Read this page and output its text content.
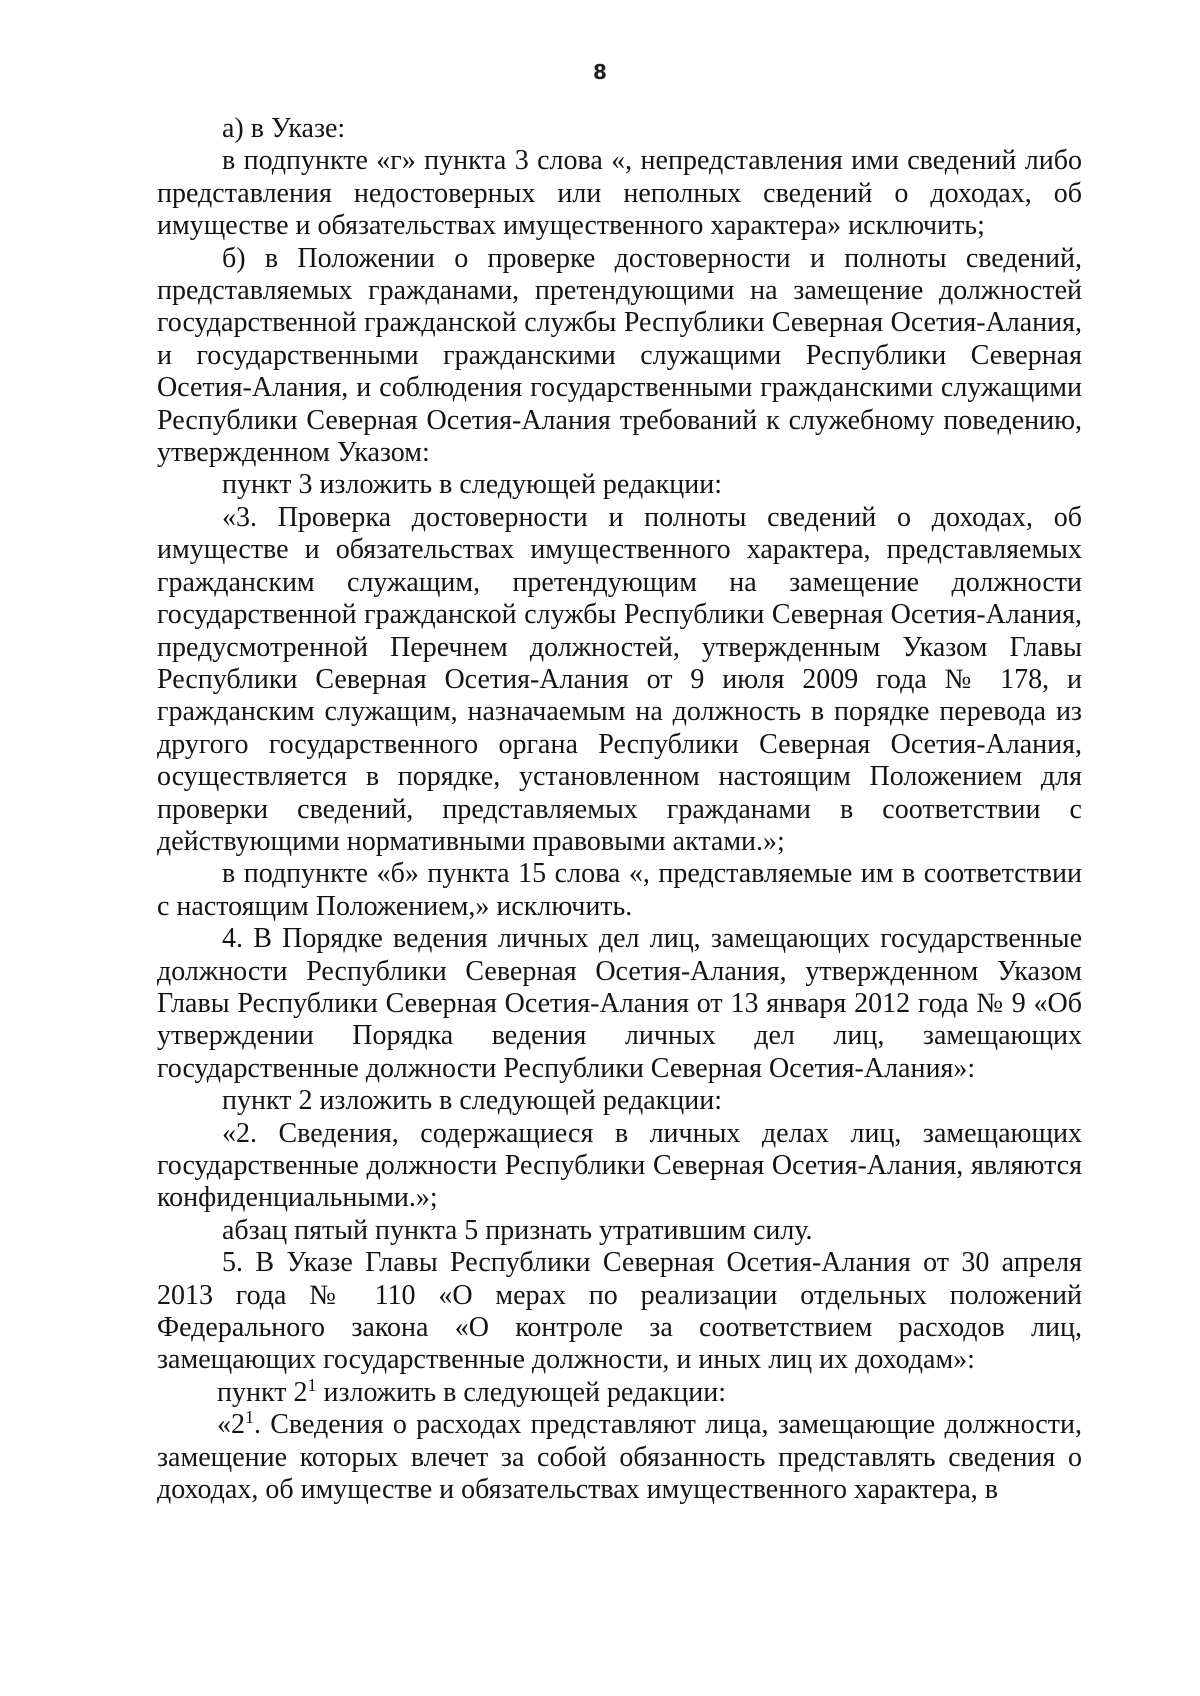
8

а) в Указе:

в подпункте «г» пункта 3 слова «, непредставления ими сведений либо представления недостоверных или неполных сведений о доходах, об имуществе и обязательствах имущественного характера» исключить;

б) в Положении о проверке достоверности и полноты сведений, представляемых гражданами, претендующими на замещение должностей государственной гражданской службы Республики Северная Осетия-Алания, и государственными гражданскими служащими Республики Северная Осетия-Алания, и соблюдения государственными гражданскими служащими Республики Северная Осетия-Алания требований к служебному поведению, утвержденном Указом:

пункт 3 изложить в следующей редакции:

«3. Проверка достоверности и полноты сведений о доходах, об имуществе и обязательствах имущественного характера, представляемых гражданским служащим, претендующим на замещение должности государственной гражданской службы Республики Северная Осетия-Алания, предусмотренной Перечнем должностей, утвержденным Указом Главы Республики Северная Осетия-Алания от 9 июля 2009 года № 178, и гражданским служащим, назначаемым на должность в порядке перевода из другого государственного органа Республики Северная Осетия-Алания, осуществляется в порядке, установленном настоящим Положением для проверки сведений, представляемых гражданами в соответствии с действующими нормативными правовыми актами.»;

в подпункте «б» пункта 15 слова «, представляемые им в соответствии с настоящим Положением,» исключить.

4. В Порядке ведения личных дел лиц, замещающих государственные должности Республики Северная Осетия-Алания, утвержденном Указом Главы Республики Северная Осетия-Алания от 13 января 2012 года № 9 «Об утверждении Порядка ведения личных дел лиц, замещающих государственные должности Республики Северная Осетия-Алания»:

пункт 2 изложить в следующей редакции:

«2. Сведения, содержащиеся в личных делах лиц, замещающих государственные должности Республики Северная Осетия-Алания, являются конфиденциальными.»;

абзац пятый пункта 5 признать утратившим силу.

5. В Указе Главы Республики Северная Осетия-Алания от 30 апреля 2013 года № 110 «О мерах по реализации отдельных положений Федерального закона «О контроле за соответствием расходов лиц, замещающих государственные должности, и иных лиц их доходам»:

пункт $2^1$ изложить в следующей редакции:

«$2^1$. Сведения о расходах представляют лица, замещающие должности, замещение которых влечет за собой обязанность представлять сведения о доходах, об имуществе и обязательствах имущественного характера, в
